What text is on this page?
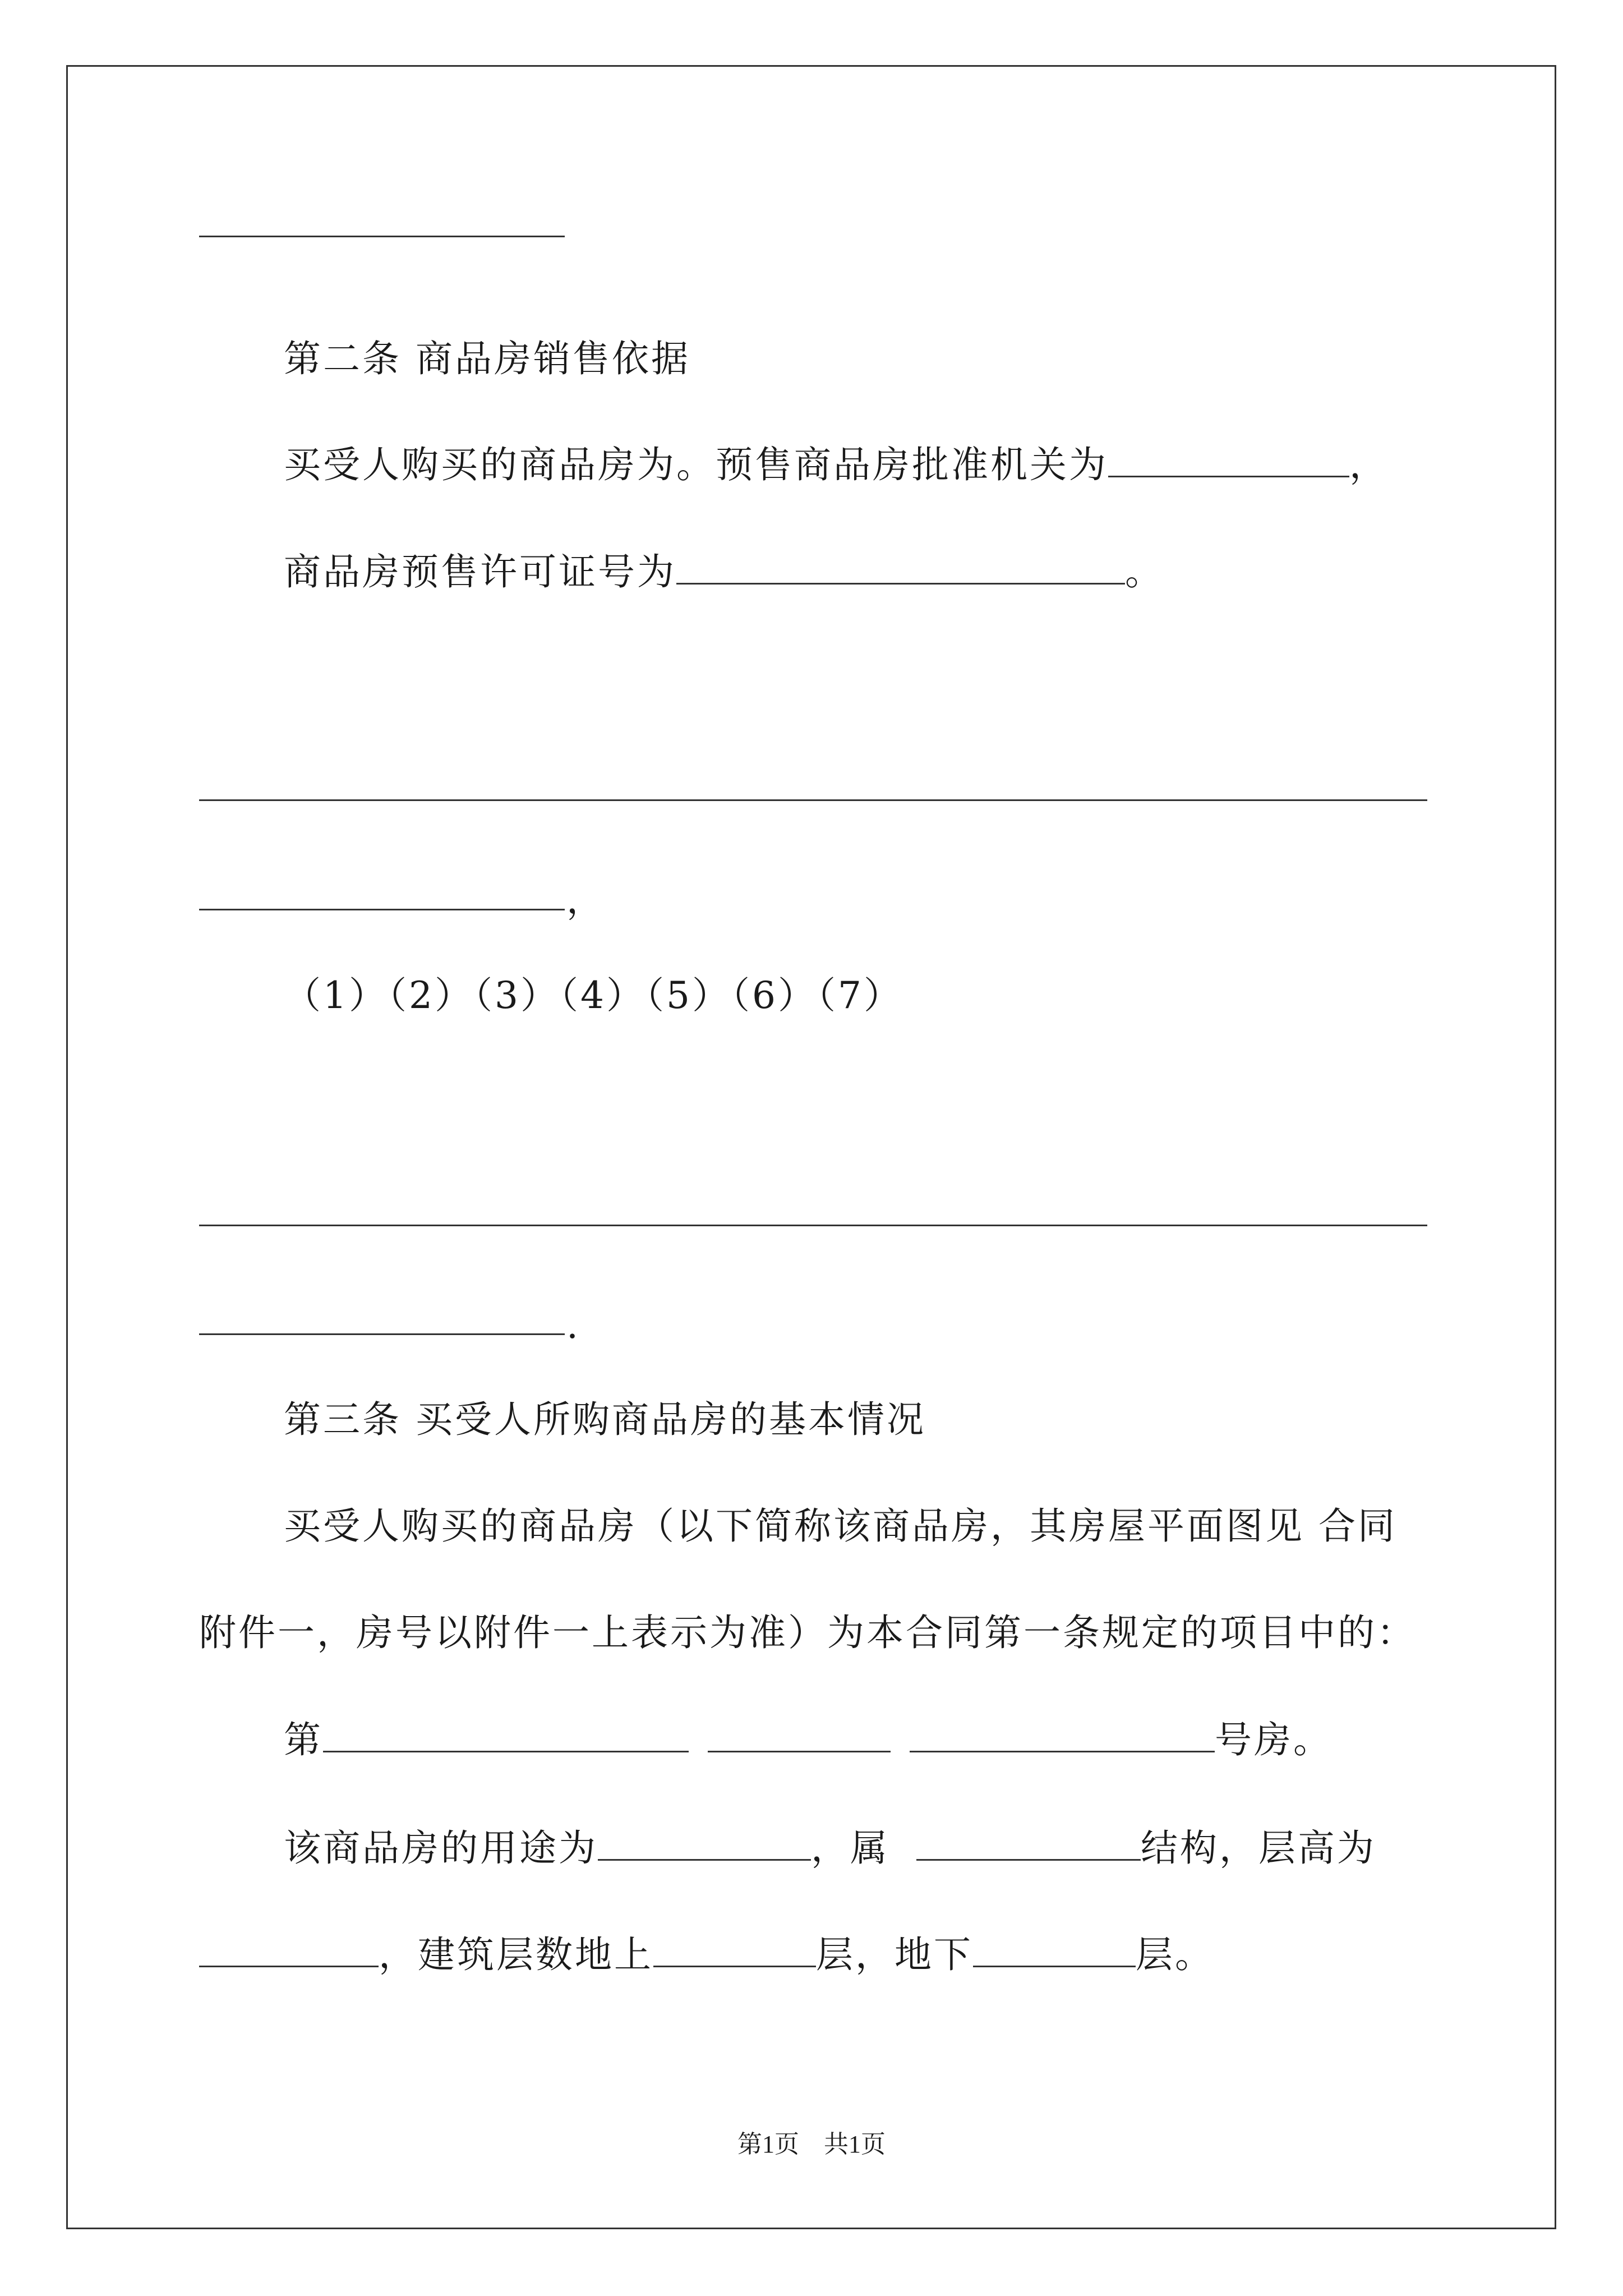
第二条 商品房销售依据
买受人购买的商品房为。预售商品房批准机关为	，
商品房预售许可证号为	。
，
（1）（2）（3）（4）（5）（6）（7）
.
第三条 买受人所购商品房的基本情况
买受人购买的商品房（以下简称该商品房，其房屋平面图见 合同
附件一，房号以附件一上表示为准）为本合同第一条规定的项目中的：
第	号房。
该商品房的用途为	，属	结构，层高为
，建筑层数地上	层，地下	层。
第1页　共1页
